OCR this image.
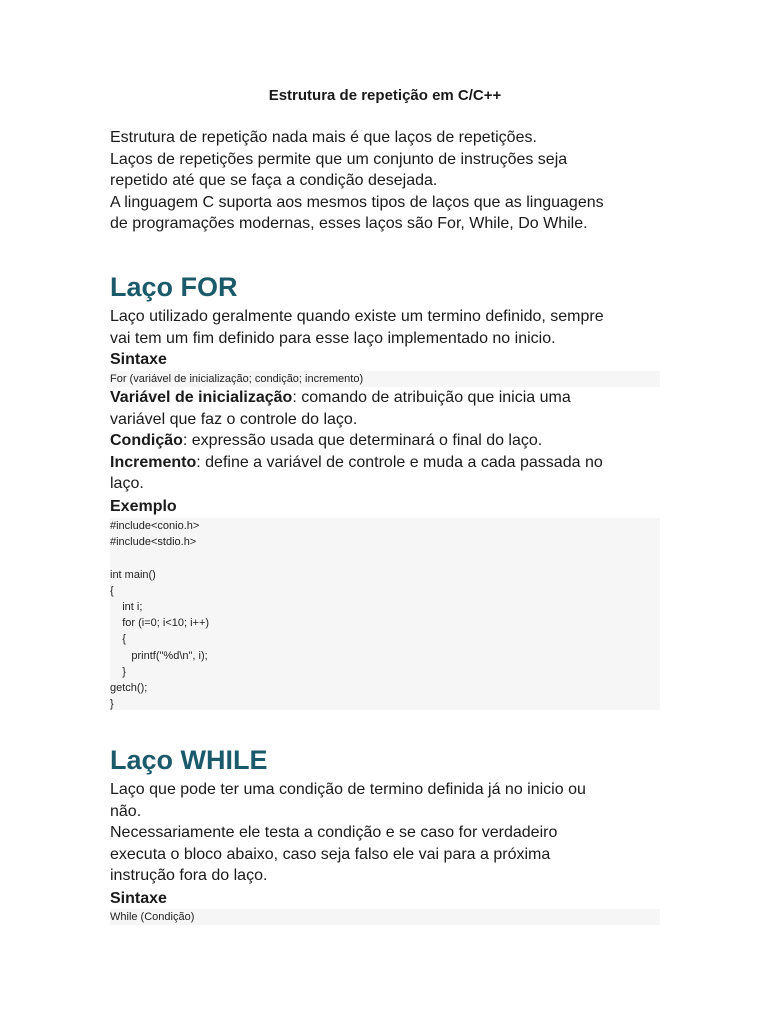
Estrutura de repetição em C/C++

Estrutura de repetição nada mais é que laços de repetições.
Laços de repetições permite que um conjunto de instruções seja
repetido até que se faça a condição desejada.
A linguagem C suporta aos mesmos tipos de laços que as linguagens
de programações modernas, esses laços são For, While, Do While.

Laço FOR

Laço utilizado geralmente quando existe um termino definido, sempre
vai tem um fim definido para esse laço implementado no inicio.

Sintaxe
For (variável de inicialização; condição; incremento)

Variável de inicialização: comando de atribuição que inicia uma
variável que faz o controle do laço.
Condição: expressão usada que determinará o final do laço.
Incremento: define a variável de controle e muda a cada passada no
laço.

Exemplo
#include<conio.h>
#include<stdio.h>
int main()
{
int i;
for (i=0; i<10; i++)
{
printf("%d\n", i);
}
getch();
}
Laço WHILE

Laço que pode ter uma condição de termino definida já no inicio ou
não.
Necessariamente ele testa a condição e se caso for verdadeiro
executa o bloco abaixo, caso seja falso ele vai para a próxima
instrução fora do laço.

Sintaxe
While (Condição)
